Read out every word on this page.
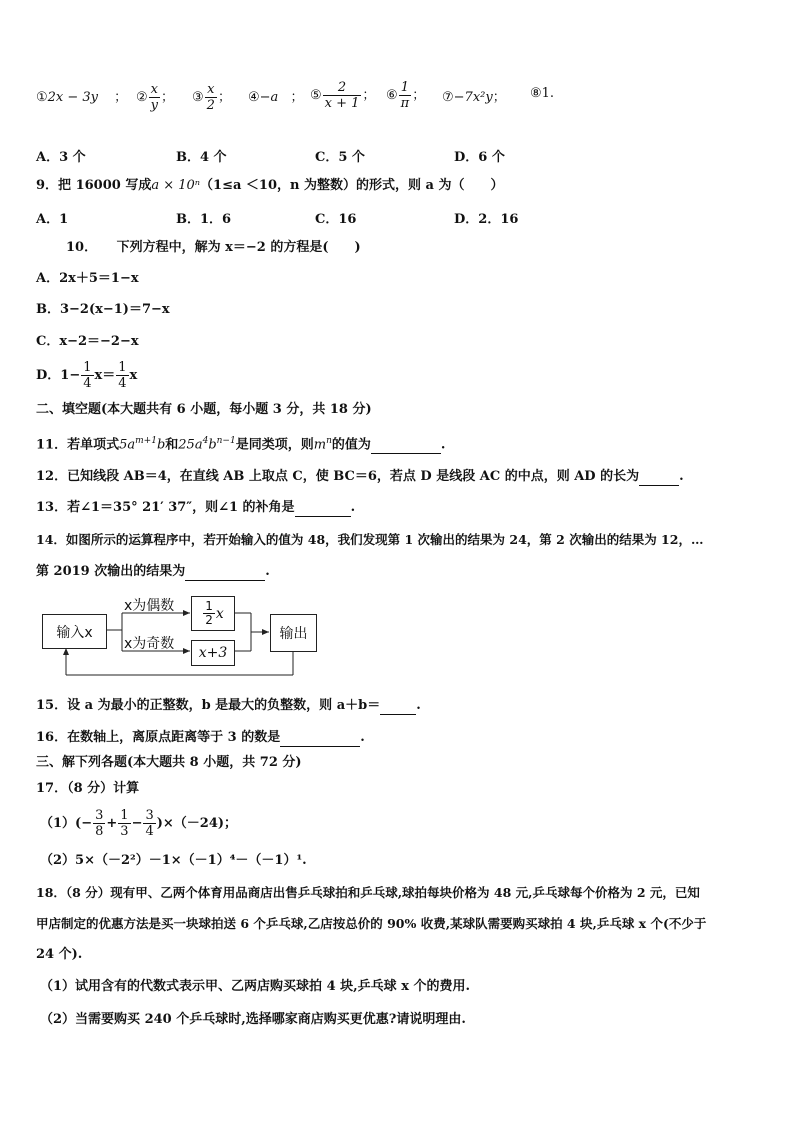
①2x − 3y ； ② $\frac{x}{y}$ ； ③ $\frac{x}{2}$ ； ④−a ； ⑤ $\frac{2}{x + 1}$ ； ⑥ $\frac{1}{\pi}$ ； ⑦−7x²y； ⑧1.
A．3 个	B．4 个	C．5 个	D．6 个
9．把 16000 写成a × 10ⁿ（1≤a ＜10，n 为整数）的形式，则 a 为（　　）
A．1	B．1．6	C．16	D．2．16
10．　　下列方程中，解为 x＝−2 的方程是(　　)
A．2x＋5＝1−x
B．3−2(x−1)＝7−x
C．x−2＝−2−x
D．$1- \frac{1}{4} x= \frac{1}{4}$ x
二、填空题(本大题共有 6 小题，每小题 3 分，共 18 分)
11．若单项式$5a^{m+1}b$和$25a^4b^{n-1}$是同类项，则$m^n$的值为	.
12．已知线段 AB＝4，在直线 AB 上取点 C，使 BC＝6，若点 D 是线段 AC 的中点，则 AD 的长为	.
13．若∠1＝35° 21′ 37″，则∠1 的补角是	.
14．如图所示的运算程序中，若开始输入的值为 48，我们发现第 1 次输出的结果为 24，第 2 次输出的结果为 12，…
第 2019 次输出的结果为	.
输入x
x为偶数
x为奇数
$\frac{1}{2}$ x
x+3
输出
15．设 a 为最小的正整数，b 是最大的负整数，则 a＋b＝	.
16．在数轴上，离原点距离等于 3 的数是	.
三、解下列各题(本大题共 8 小题，共 72 分)
17．（8 分）计算
$(1)(- \frac{3}{8} + \frac{1}{3} - \frac{3}{4} )\times(-24)$；
（2）5×（－2²）－1×（－1）⁴－（－1）¹.
18．（8 分）现有甲、乙两个体育用品商店出售乒乓球拍和乒乓球,球拍每块价格为 48 元,乒乓球每个价格为 2 元，已知
甲店制定的优惠方法是买一块球拍送 6 个乒乓球,乙店按总价的 90% 收费,某球队需要购买球拍 4 块,乒乓球 x 个(不少于
24 个).
（1）试用含有的代数式表示甲、乙两店购买球拍 4 块,乒乓球 x 个的费用.
（2）当需要购买 240 个乒乓球时,选择哪家商店购买更优惠?请说明理由.
